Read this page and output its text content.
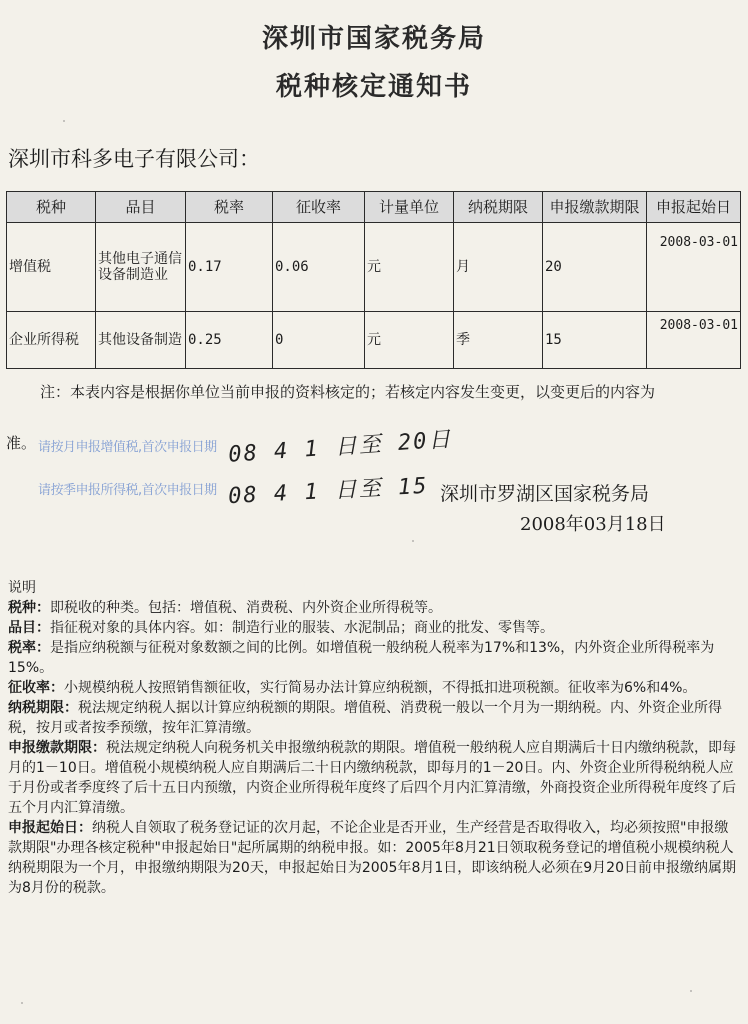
深圳市国家税务局
税种核定通知书
深圳市科多电子有限公司：
税种	品目	税率	征收率	计量单位	纳税期限	申报缴款期限	申报起始日
增值税	其他电子通信设备制造业	0.17	0.06	元	月	20	2008-03-01
企业所得税	其他设备制造	0.25	0	元	季	15	2008-03-01
注：本表内容是根据你单位当前申报的资料核定的；若核定内容发生变更，以变更后的内容为
准。 请按月申报增值税,首次申报日期
请按季申报所得税,首次申报日期
08 4 1 日至 20日
08 4 1 日至 15 深圳市罗湖区国家税务局
2008年03月18日
说明

税种：即税收的种类。包括：增值税、消费税、内外资企业所得税等。

品目：指征税对象的具体内容。如：制造行业的服装、水泥制品；商业的批发、零售等。

税率：是指应纳税额与征税对象数额之间的比例。如增值税一般纳税人税率为17%和13%，内外资企业所得税率为15%。

征收率：小规模纳税人按照销售额征收，实行简易办法计算应纳税额，不得抵扣进项税额。征收率为6%和4%。

纳税期限：税法规定纳税人据以计算应纳税额的期限。增值税、消费税一般以一个月为一期纳税。内、外资企业所得税，按月或者按季预缴，按年汇算清缴。

申报缴款期限：税法规定纳税人向税务机关申报缴纳税款的期限。增值税一般纳税人应自期满后十日内缴纳税款，即每月的1－10日。增值税小规模纳税人应自期满后二十日内缴纳税款，即每月的1－20日。内、外资企业所得税纳税人应于月份或者季度终了后十五日内预缴，内资企业所得税年度终了后四个月内汇算清缴，外商投资企业所得税年度终了后五个月内汇算清缴。

申报起始日：纳税人自领取了税务登记证的次月起，不论企业是否开业，生产经营是否取得收入，均必须按照"申报缴款期限"办理各核定税种"申报起始日"起所属期的纳税申报。如：2005年8月21日领取税务登记的增值税小规模纳税人纳税期限为一个月，申报缴纳期限为20天，申报起始日为2005年8月1日，即该纳税人必须在9月20日前申报缴纳属期为8月份的税款。
